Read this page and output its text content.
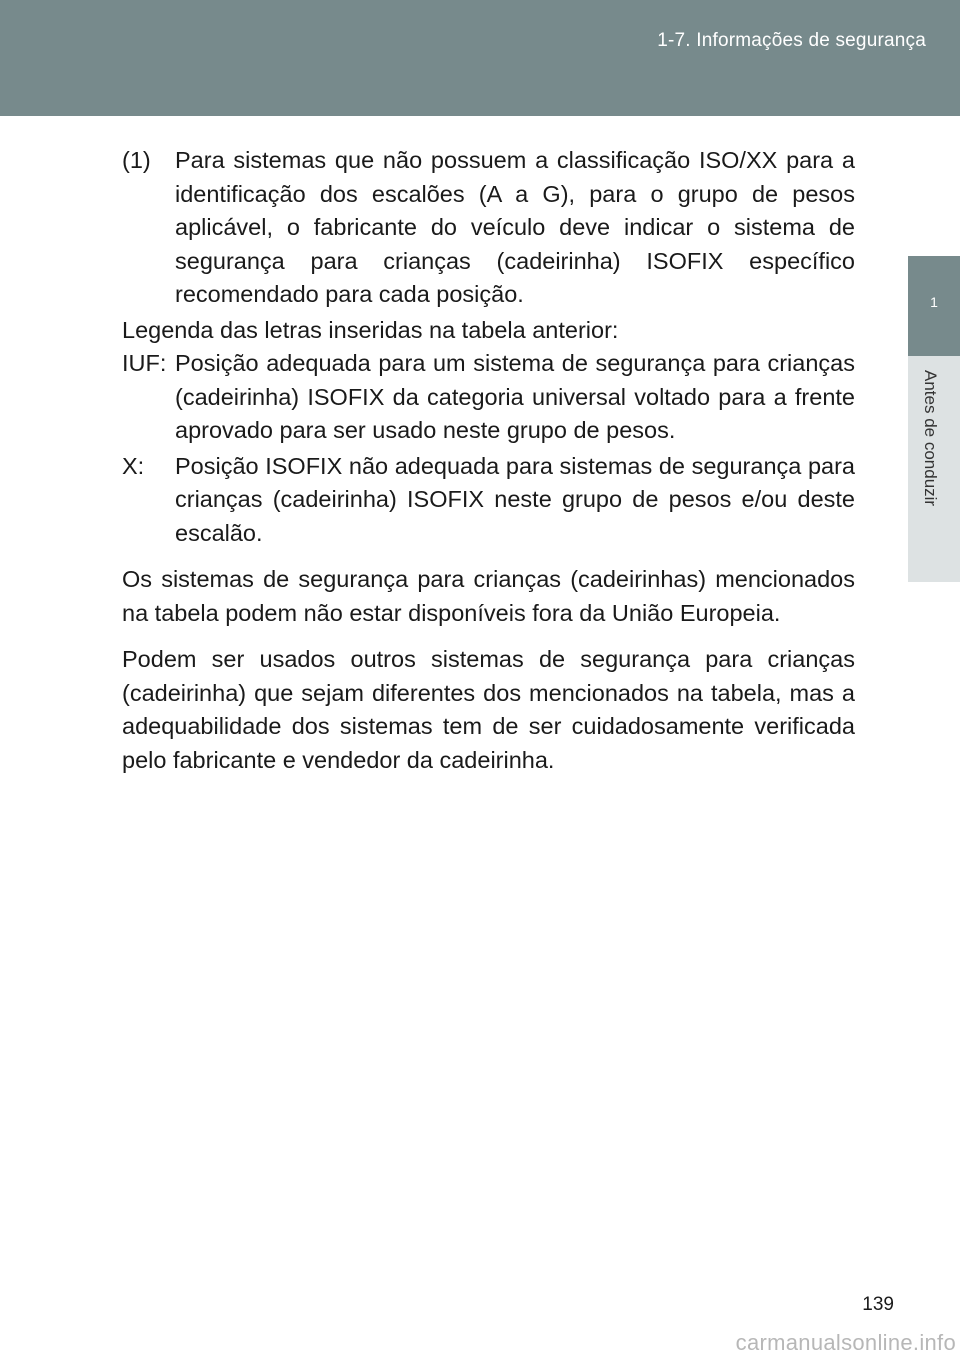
1-7. Informações de segurança
1
Antes de conduzir
(1)	Para sistemas que não possuem a classificação ISO/XX para a identificação dos escalões (A a G), para o grupo de pesos aplicável, o fabricante do veículo deve indicar o sistema de segurança para crianças (cadeirinha) ISOFIX específico recomendado para cada posição.

Legenda das letras inseridas na tabela anterior:

IUF: Posição adequada para um sistema de segurança para crianças (cadeirinha) ISOFIX da categoria universal voltado para a frente aprovado para ser usado neste grupo de pesos.
X:	Posição ISOFIX não adequada para sistemas de segurança para crianças (cadeirinha) ISOFIX neste grupo de pesos e/ou deste escalão.

Os sistemas de segurança para crianças (cadeirinhas) mencionados na tabela podem não estar disponíveis fora da União Europeia.

Podem ser usados outros sistemas de segurança para crianças (cadeirinha) que sejam diferentes dos mencionados na tabela, mas a adequabilidade dos sistemas tem de ser cuidadosamente verificada pelo fabricante e vendedor da cadeirinha.

139
carmanualsonline.info
